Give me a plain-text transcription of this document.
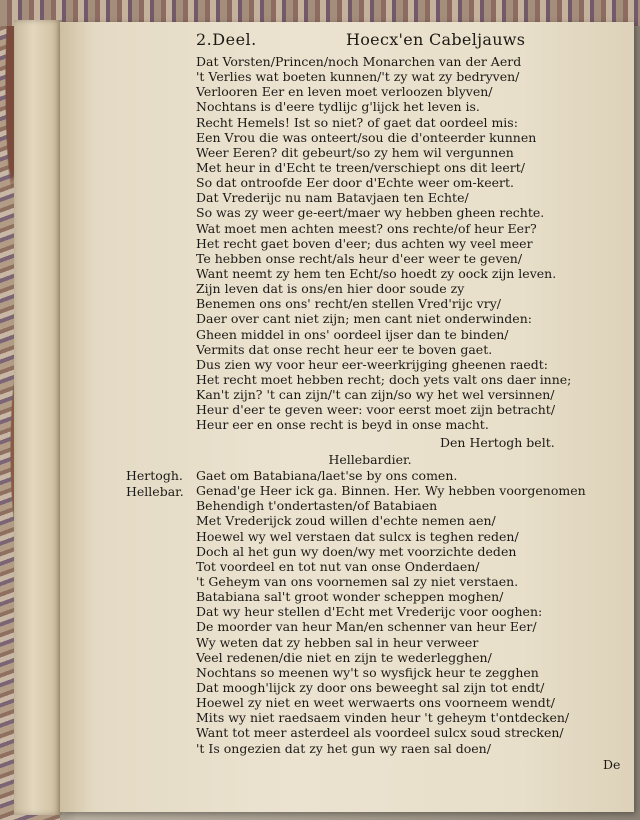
2.Deel.	Hoecx'en Cabeljauws
Dat Vorsten/Princen/noch Monarchen van der Aerd
't Verlies wat boeten kunnen/'t zy wat zy bedryven/
Verlooren Eer en leven moet verloozen blyven/
Nochtans is d'eere tydlijc g'lijck het leven is.
Recht Hemels! Ist so niet? of gaet dat oordeel mis:
Een Vrou die was onteert/sou die d'onteerder kunnen
Weer Eeren? dit gebeurt/so zy hem wil vergunnen
Met heur in d'Echt te treen/verschiept ons dit leert/
So dat ontroofde Eer door d'Echte weer om-keert.
Dat Vrederijc nu nam Batavjaen ten Echte/
So was zy weer ge-eert/maer wy hebben gheen rechte.
Wat moet men achten meest? ons rechte/of heur Eer?
Het recht gaet boven d'eer; dus achten wy veel meer
Te hebben onse recht/als heur d'eer weer te geven/
Want neemt zy hem ten Echt/so hoedt zy oock zijn leven.
Zijn leven dat is ons/en hier door soude zy
Benemen ons ons' recht/en stellen Vred'rijc vry/
Daer over cant niet zijn; men cant niet onderwinden:
Gheen middel in ons' oordeel ijser dan te binden/
Vermits dat onse recht heur eer te boven gaet.
Dus zien wy voor heur eer-weerkrijging gheenen raedt:
Het recht moet hebben recht; doch yets valt ons daer inne;
Kan't zijn? 't can zijn/'t can zijn/so wy het wel versinnen/
Heur d'eer te geven weer: voor eerst moet zijn betracht/
Heur eer en onse recht is beyd in onse macht.
Den Hertogh belt.
Hellebardier.
Hertogh.
Hellebar.
Gaet om Batabiana/laet'se by ons comen.
Genad'ge Heer ick ga. Binnen. Her. Wy hebben voorgenomen
Behendigh t'ondertasten/of Batabiaen
Met Vrederijck zoud willen d'echte nemen aen/
Hoewel wy wel verstaen dat sulcx is teghen reden/
Doch al het gun wy doen/wy met voorzichte deden
Tot voordeel en tot nut van onse Onderdaen/
't Geheym van ons voornemen sal zy niet verstaen.
Batabiana sal't groot wonder scheppen moghen/
Dat wy heur stellen d'Echt met Vrederijc voor ooghen:
De moorder van heur Man/en schenner van heur Eer/
Wy weten dat zy hebben sal in heur verweer
Veel redenen/die niet en zijn te wederlegghen/
Nochtans so meenen wy't so wysfijck heur te zegghen
Dat moogh'lijck zy door ons beweeght sal zijn tot endt/
Hoewel zy niet en weet werwaerts ons voorneem wendt/
Mits wy niet raedsaem vinden heur 't geheym t'ontdecken/
Want tot meer asterdeel als voordeel sulcx soud strecken/
't Is ongezien dat zy het gun wy raen sal doen/
De
